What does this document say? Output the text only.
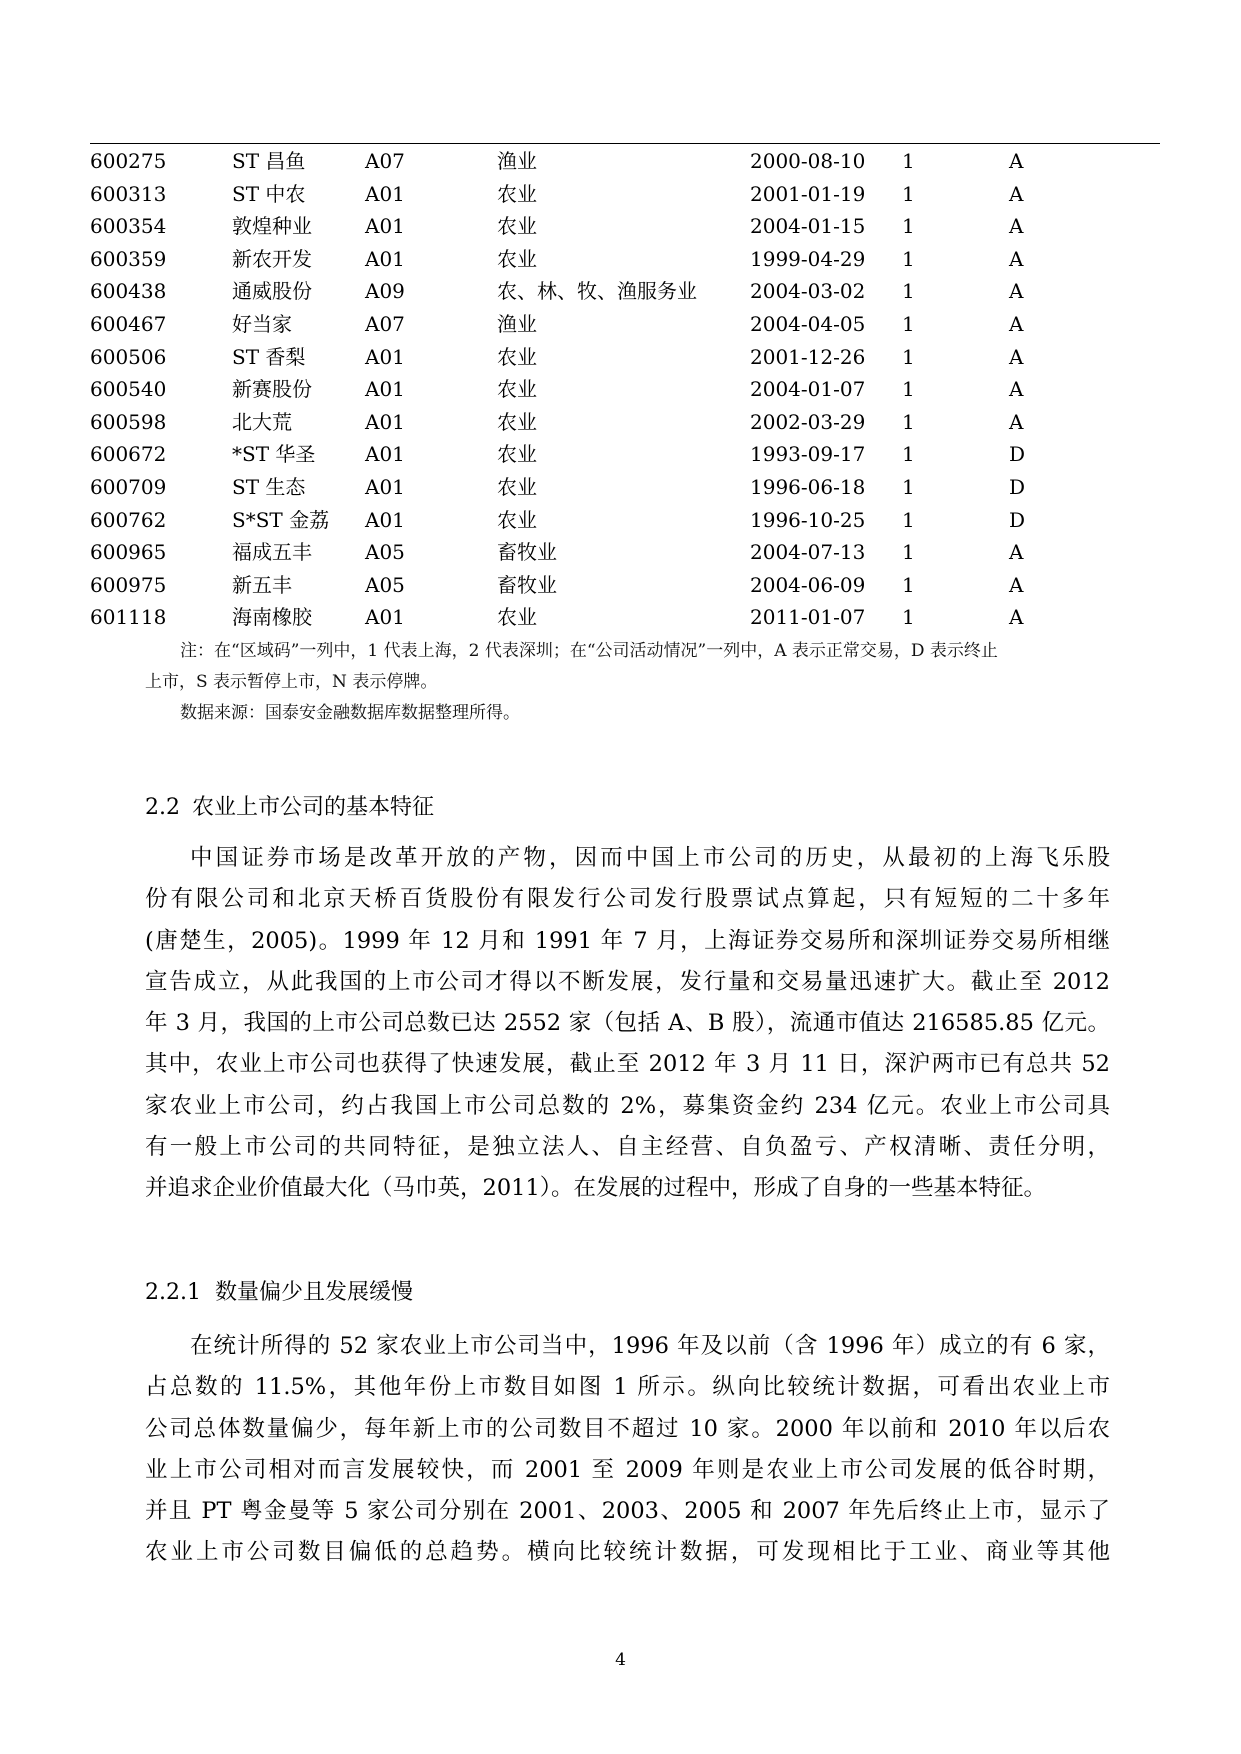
600275	ST 昌鱼	A07	渔业	2000-08-10	1	A
600313	ST 中农	A01	农业	2001-01-19	1	A
600354	敦煌种业	A01	农业	2004-01-15	1	A
600359	新农开发	A01	农业	1999-04-29	1	A
600438	通威股份	A09	农、林、牧、渔服务业	2004-03-02	1	A
600467	好当家	A07	渔业	2004-04-05	1	A
600506	ST 香梨	A01	农业	2001-12-26	1	A
600540	新赛股份	A01	农业	2004-01-07	1	A
600598	北大荒	A01	农业	2002-03-29	1	A
600672	*ST 华圣	A01	农业	1993-09-17	1	D
600709	ST 生态	A01	农业	1996-06-18	1	D
600762	S*ST 金荔	A01	农业	1996-10-25	1	D
600965	福成五丰	A05	畜牧业	2004-07-13	1	A
600975	新五丰	A05	畜牧业	2004-06-09	1	A
601118	海南橡胶	A01	农业	2011-01-07	1	A

注：在“区域码”一列中，1 代表上海，2 代表深圳；在“公司活动情况”一列中，A 表示正常交易，D 表示终止

上市，S 表示暂停上市，N 表示停牌。

数据来源：国泰安金融数据库数据整理所得。

2.2 农业上市公司的基本特征
中国证券市场是改革开放的产物，因而中国上市公司的历史，从最初的上海飞乐股
份有限公司和北京天桥百货股份有限发行公司发行股票试点算起，只有短短的二十多年
(唐楚生，2005)。1999 年 12 月和 1991 年 7 月，上海证券交易所和深圳证券交易所相继
宣告成立，从此我国的上市公司才得以不断发展，发行量和交易量迅速扩大。截止至 2012
年 3 月，我国的上市公司总数已达 2552 家（包括 A、B 股），流通市值达 216585.85 亿元。
其中，农业上市公司也获得了快速发展，截止至 2012 年 3 月 11 日，深沪两市已有总共 52
家农业上市公司，约占我国上市公司总数的 2%，募集资金约 234 亿元。农业上市公司具
有一般上市公司的共同特征，是独立法人、自主经营、自负盈亏、产权清晰、责任分明，
并追求企业价值最大化（马巾英，2011）。在发展的过程中，形成了自身的一些基本特征。
2.2.1 数量偏少且发展缓慢
在统计所得的 52 家农业上市公司当中，1996 年及以前（含 1996 年）成立的有 6 家，
占总数的 11.5%，其他年份上市数目如图 1 所示。纵向比较统计数据，可看出农业上市
公司总体数量偏少，每年新上市的公司数目不超过 10 家。2000 年以前和 2010 年以后农
业上市公司相对而言发展较快，而 2001 至 2009 年则是农业上市公司发展的低谷时期，
并且 PT 粤金曼等 5 家公司分别在 2001、2003、2005 和 2007 年先后终止上市，显示了
农业上市公司数目偏低的总趋势。横向比较统计数据，可发现相比于工业、商业等其他
4
